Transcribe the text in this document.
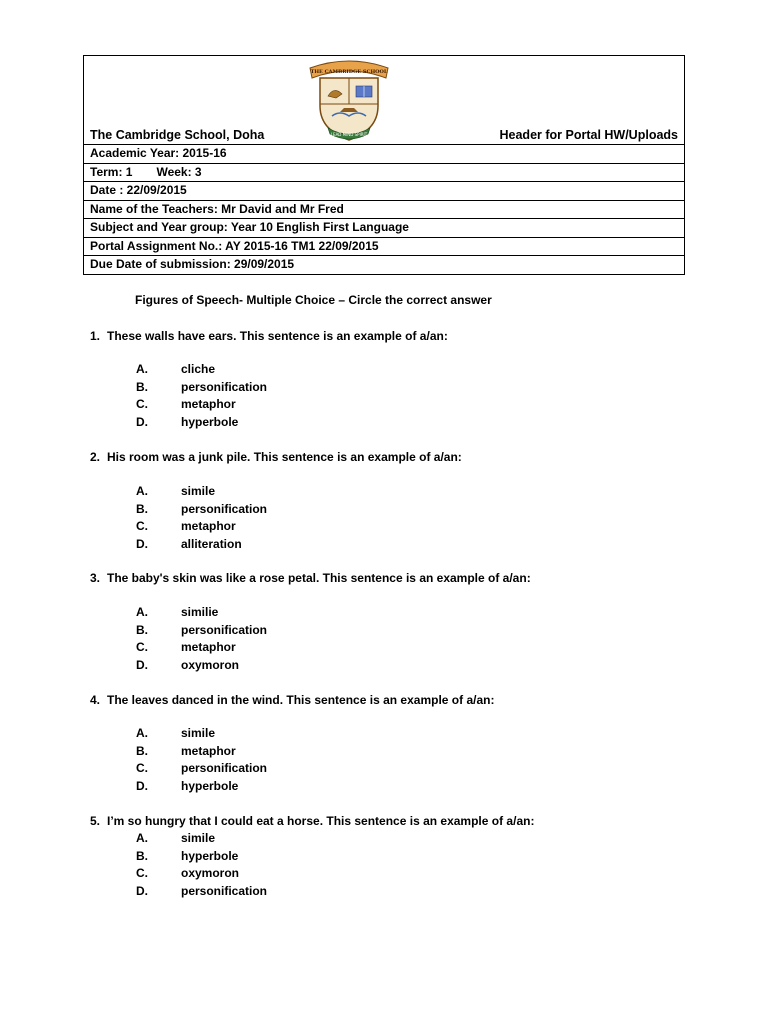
THE CAMBRIDGE SCHOOL
LEAD MIND SPIRIT
The Cambridge School, Doha	Header for Portal HW/Uploads
Academic Year: 2015-16
Term: 1 Week: 3
Date : 22/09/2015
Name of the Teachers: Mr David and Mr Fred
Subject and Year group: Year 10 English First Language
Portal Assignment No.: AY 2015-16 TM1 22/09/2015
Due Date of submission: 29/09/2015
Figures of Speech- Multiple Choice – Circle the correct answer
1. These walls have ears. This sentence is an example of a/an:
A.	cliche
B.	personification
C.	metaphor
D.	hyperbole
2. His room was a junk pile. This sentence is an example of a/an:
A.	simile
B.	personification
C.	metaphor
D.	alliteration
3. The baby's skin was like a rose petal. This sentence is an example of a/an:
A.	similie
B.	personification
C.	metaphor
D.	oxymoron
4. The leaves danced in the wind. This sentence is an example of a/an:
A.	simile
B.	metaphor
C.	personification
D.	hyperbole
5. I’m so hungry that I could eat a horse. This sentence is an example of a/an:
A.	simile
B.	hyperbole
C.	oxymoron
D.	personification
